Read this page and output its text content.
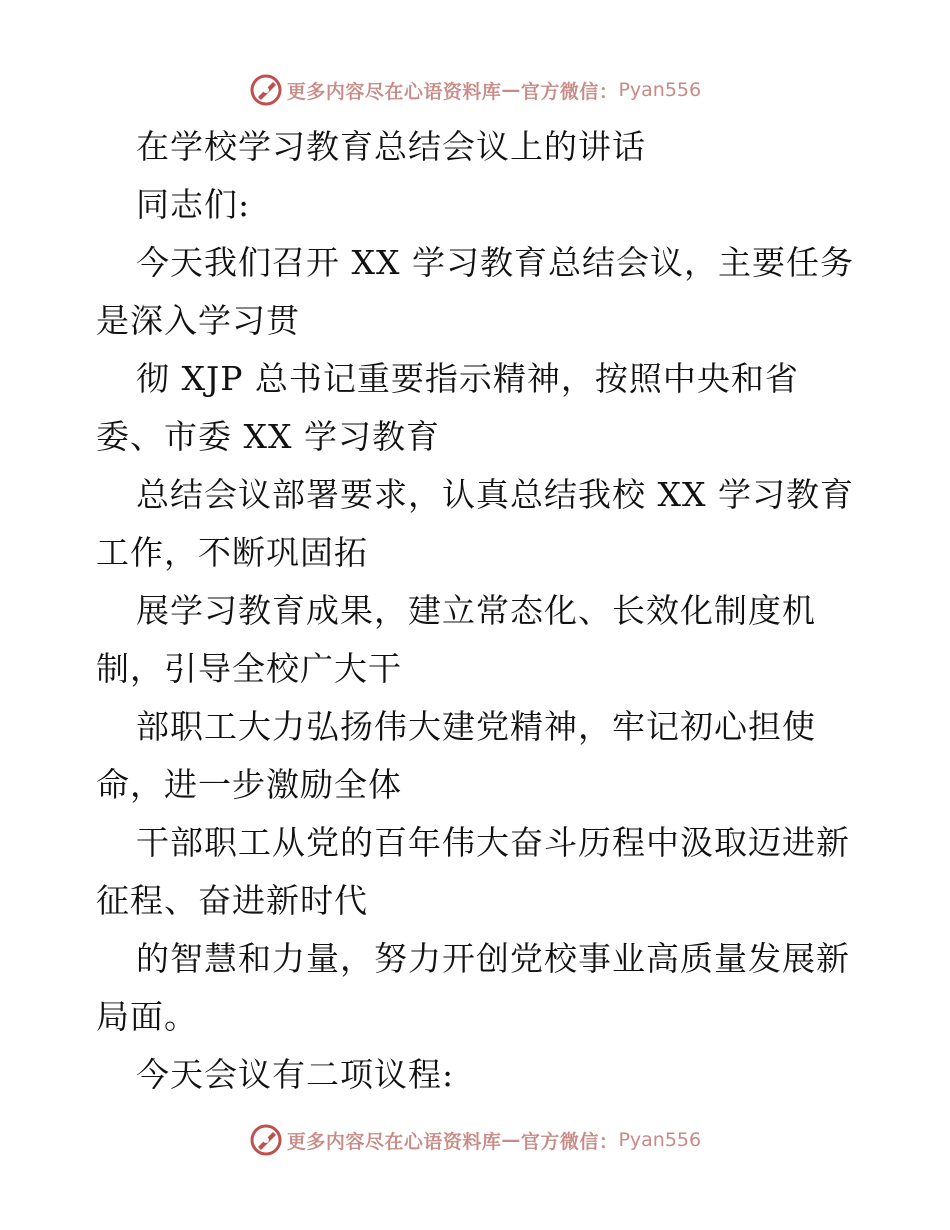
更多内容尽在心语资料库 — 官方微信： Pyan556
在学校学习教育总结会议上的讲话
同志们:
今天我们召开 XX 学习教育总结会议，主要任务
是深入学习贯
彻 XJP 总书记重要指示精神，按照中央和省
委、市委 XX 学习教育
总结会议部署要求，认真总结我校 XX 学习教育
工作，不断巩固拓
展学习教育成果，建立常态化、长效化制度机
制，引导全校广大干
部职工大力弘扬伟大建党精神，牢记初心担使
命，进一步激励全体
干部职工从党的百年伟大奋斗历程中汲取迈进新
征程、奋进新时代
的智慧和力量，努力开创党校事业高质量发展新
局面。
今天会议有二项议程:
更多内容尽在心语资料库 — 官方微信： Pyan556
